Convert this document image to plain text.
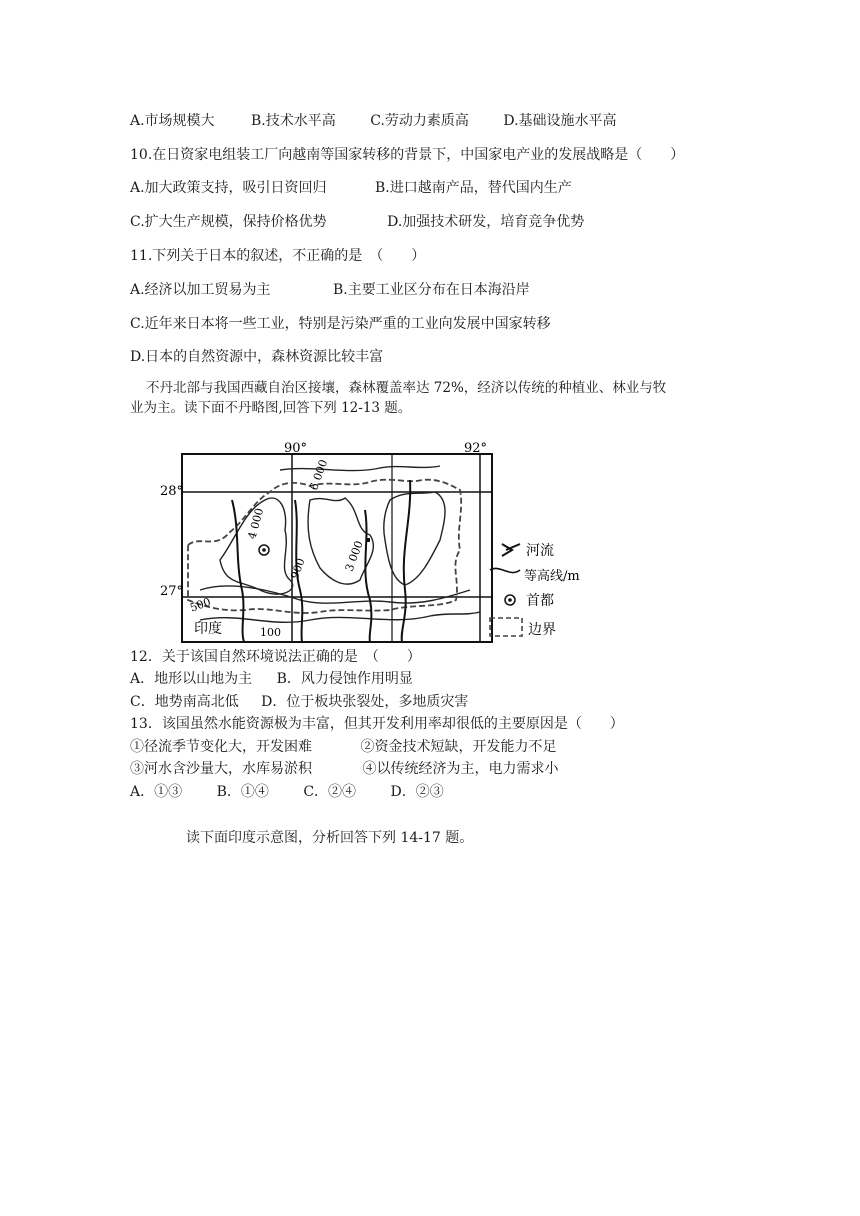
A.市场规模大	B.技术水平高 C.劳动力素质高 D.基础设施水平高
10.在日资家电组装工厂向越南等国家转移的背景下，中国家电产业的发展战略是（　　）
A.加大政策支持，吸引日资回归	B.进口越南产品，替代国内生产
C.扩大生产规模，保持价格优势	D.加强技术研发，培育竞争优势
11.下列关于日本的叙述，不正确的是　（　　）
A.经济以加工贸易为主	B.主要工业区分布在日本海沿岸
C.近年来日本将一些工业，特别是污染严重的工业向发展中国家转移
D.日本的自然资源中，森林资源比较丰富
不丹北部与我国西藏自治区接壤，森林覆盖率达 72%，经济以传统的种植业、林业与牧
业为主。读下面不丹略图,回答下列 12-13 题。
90°	92°
28°
27°
6 000
4 000
3 000
900
500
100
印度
河流
等高线/m
首都
边界
12．关于该国自然环境说法正确的是　（　　）
A．地形以山地为主 B．风力侵蚀作用明显
C．地势南高北低 D．位于板块张裂处，多地质灾害
13．该国虽然水能资源极为丰富，但其开发利用率却很低的主要原因是（　　）
①径流季节变化大，开发困难	②资金技术短缺，开发能力不足
③河水含沙量大，水库易淤积	④以传统经济为主，电力需求小
A．①③ B．①④ C．②④ D．②③
读下面印度示意图，分析回答下列 14-17 题。
